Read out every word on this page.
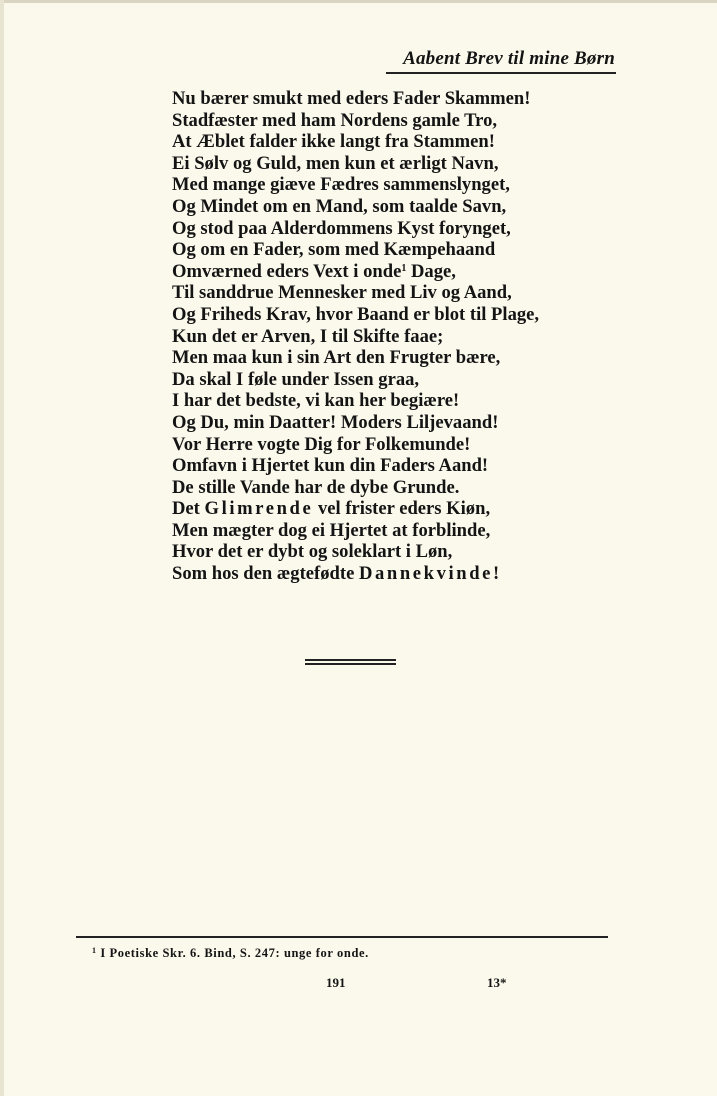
Aabent Brev til mine Børn
Nu bærer smukt med eders Fader Skammen!
Stadfæster med ham Nordens gamle Tro,
At Æblet falder ikke langt fra Stammen!
Ei Sølv og Guld, men kun et ærligt Navn,
Med mange giæve Fædres sammenslynget,
Og Mindet om en Mand, som taalde Savn,
Og stod paa Alderdommens Kyst forynget,
Og om en Fader, som med Kæmpehaand
Omværned eders Vext i onde$^1$ Dage,
Til sanddrue Mennesker med Liv og Aand,
Og Friheds Krav, hvor Baand er blot til Plage,
Kun det er Arven, I til Skifte faae;
Men maa kun i sin Art den Frugter bære,
Da skal I føle under Issen graa,
I har det bedste, vi kan her begiære!
Og Du, min Daatter! Moders Liljevaand!
Vor Herre vogte Dig for Folkemunde!
Omfavn i Hjertet kun din Faders Aand!
De stille Vande har de dybe Grunde.
Det Glimrende vel frister eders Kiøn,
Men mægter dog ei Hjertet at forblinde,
Hvor det er dybt og soleklart i Løn,
Som hos den ægtefødte Dannekvinde!
$^1$ I Poetiske Skr. 6. Bind, S. 247: unge for onde.
191	13*
